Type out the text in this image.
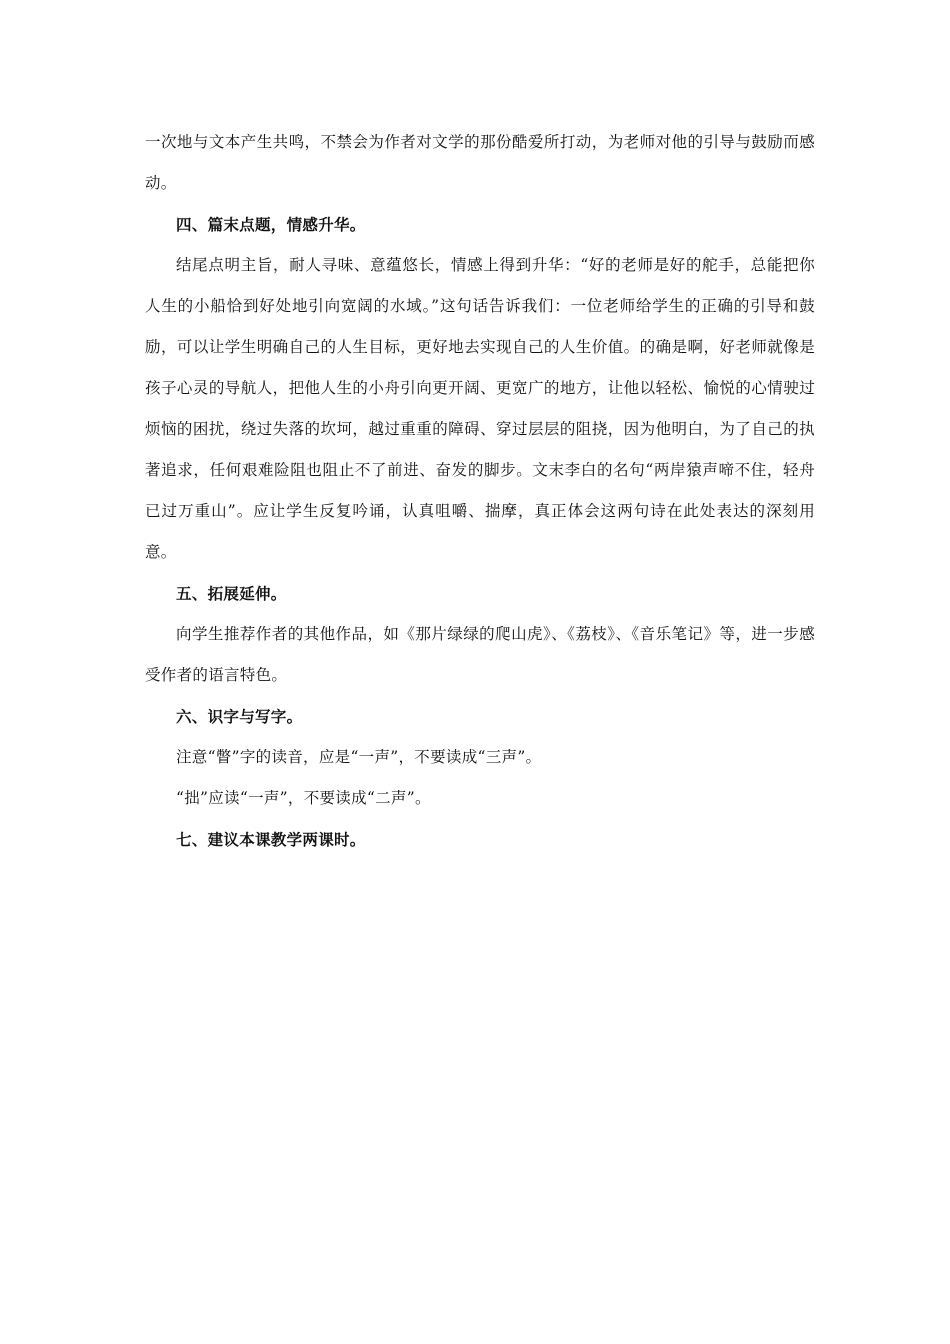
一次地与文本产生共鸣，不禁会为作者对文学的那份酷爱所打动，为老师对他的引导与鼓励而感动。

四、篇末点题，情感升华。

结尾点明主旨，耐人寻味、意蕴悠长，情感上得到升华：“好的老师是好的舵手，总能把你人生的小船恰到好处地引向宽阔的水域。”这句话告诉我们：一位老师给学生的正确的引导和鼓励，可以让学生明确自己的人生目标，更好地去实现自己的人生价值。的确是啊，好老师就像是孩子心灵的导航人，把他人生的小舟引向更开阔、更宽广的地方，让他以轻松、愉悦的心情驶过烦恼的困扰，绕过失落的坎坷，越过重重的障碍、穿过层层的阻挠，因为他明白，为了自己的执著追求，任何艰难险阻也阻止不了前进、奋发的脚步。文末李白的名句“两岸猿声啼不住，轻舟已过万重山”。应让学生反复吟诵，认真咀嚼、揣摩，真正体会这两句诗在此处表达的深刻用意。

五、拓展延伸。

向学生推荐作者的其他作品，如《那片绿绿的爬山虎》、《荔枝》、《音乐笔记》等，进一步感受作者的语言特色。

六、识字与写字。

注意“瞥”字的读音，应是“一声”，不要读成“三声”。

“拙”应读“一声”，不要读成“二声”。

七、建议本课教学两课时。
